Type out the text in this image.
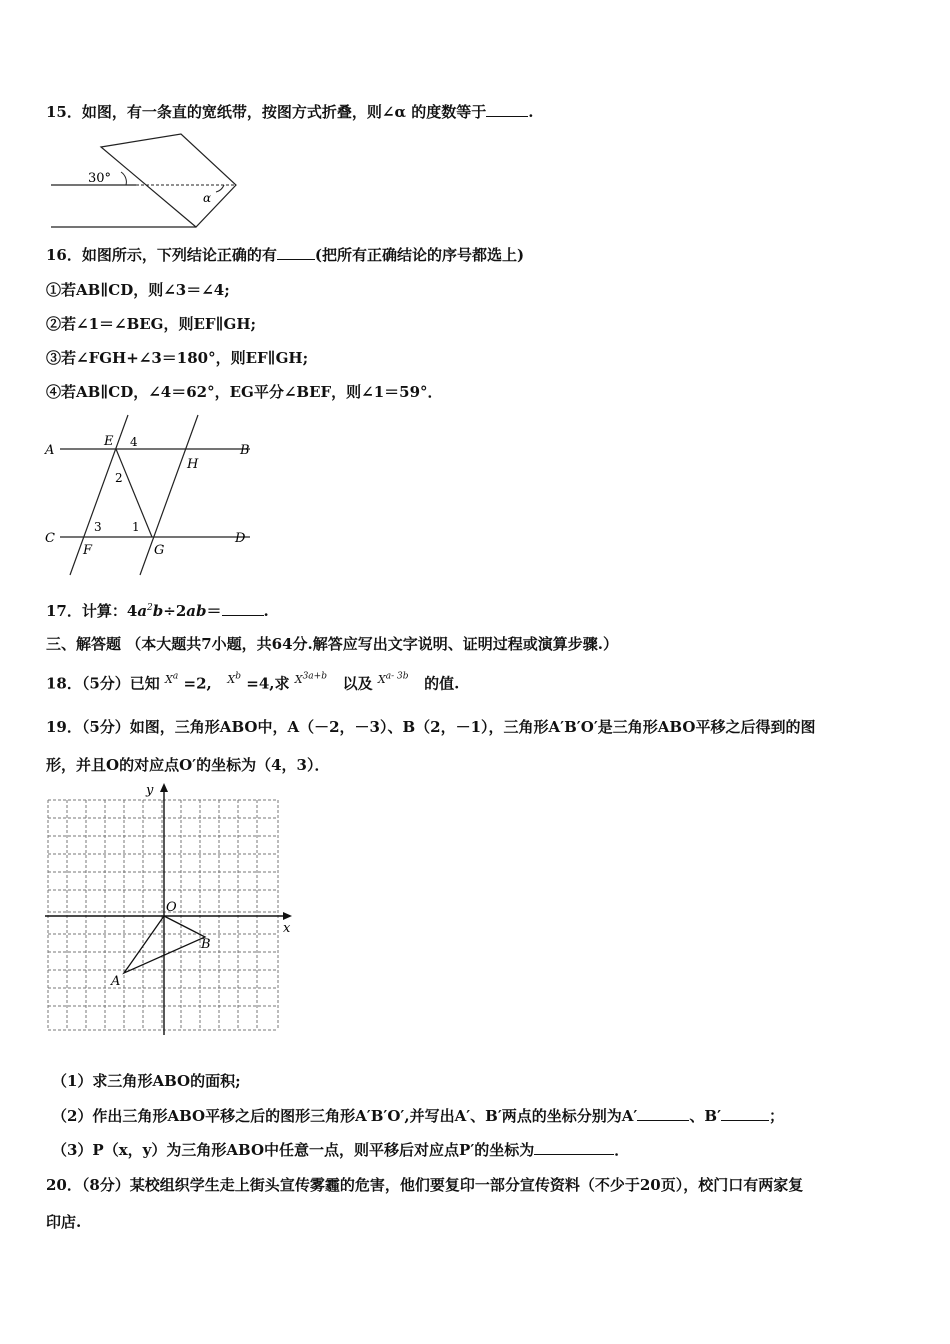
15．如图，有一条直的宽纸带，按图方式折叠，则∠α 的度数等于	.
30°
α
16．如图所示，下列结论正确的有	(把所有正确结论的序号都选上)
①若AB∥CD，则∠3＝∠4;
②若∠1＝∠BEG，则EF∥GH;
③若∠FGH+∠3＝180°，则EF∥GH;
④若AB∥CD，∠4＝62°，EG平分∠BEF，则∠1＝59°．
A	B
C	D
E 4
2
H
3	1
F	G
17．计算：$4a^2b\div 2ab=$	.
三、解答题 （本大题共7小题，共64分.解答应写出文字说明、证明过程或演算步骤.）
18．（5分）已知 $^{X^a}$ =2, $^{X^b}$ =4,求 $^{X^{3a+b}}$ 以及 $^{X^{a- 3b}}$ 的值.
19．（5分）如图，三角形ABO中，A（－2，－3）、B（2，－1），三角形A′B′O′是三角形ABO平移之后得到的图
形，并且O的对应点O′的坐标为（4，3）．
y
x
O
A
B
（1）求三角形ABO的面积;
（2）作出三角形ABO平移之后的图形三角形A′B′O′,并写出A′、B′两点的坐标分别为A′	、B′	；
（3）P（x，y）为三角形ABO中任意一点，则平移后对应点P′的坐标为	．
20．（8分）某校组织学生走上街头宣传雾霾的危害，他们要复印一部分宣传资料（不少于20页），校门口有两家复
印店.
